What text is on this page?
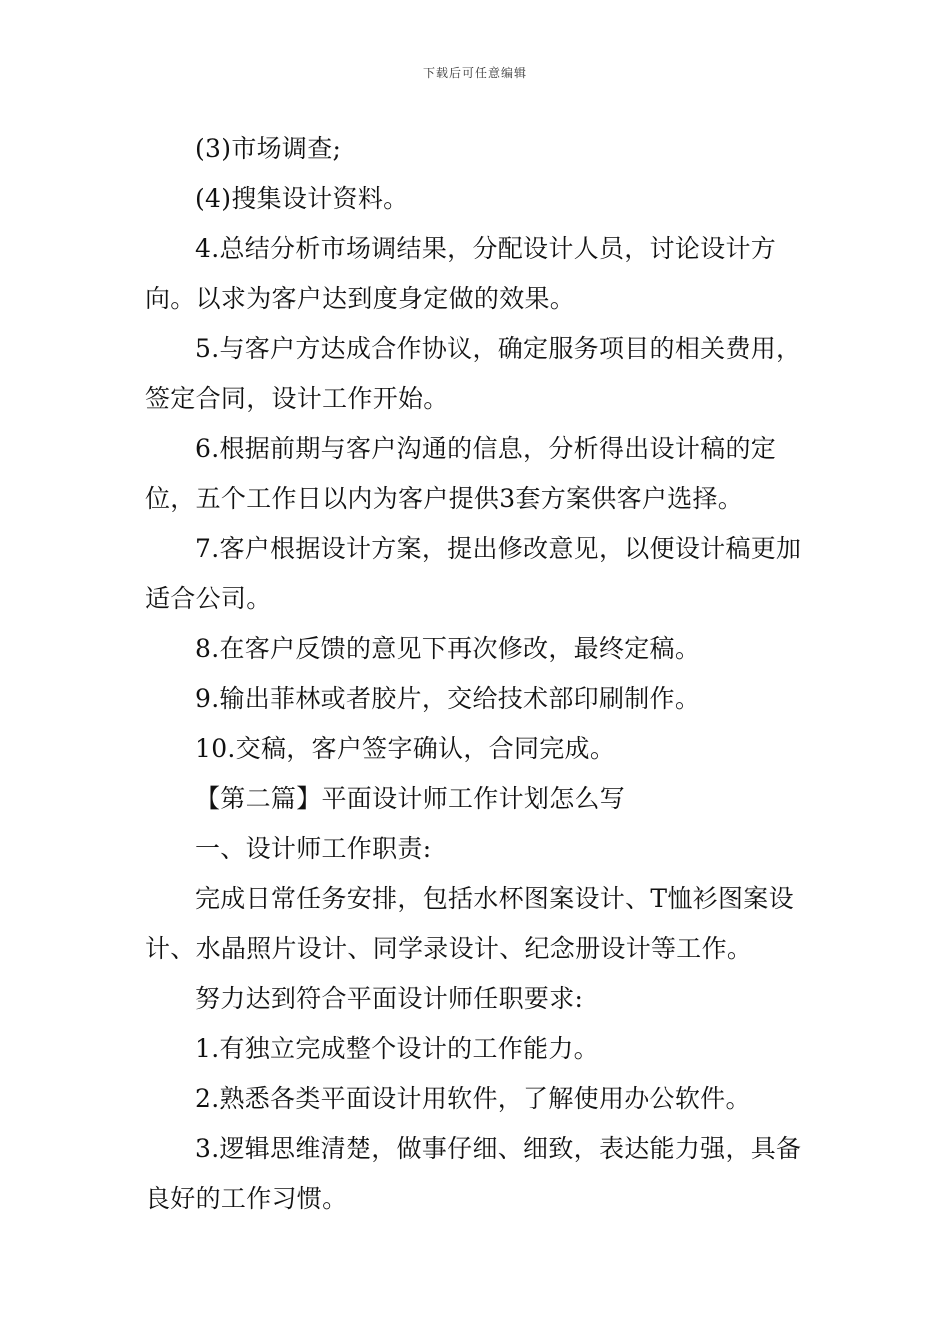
下载后可任意编辑

(3)市场调查;

(4)搜集设计资料。

4.总结分析市场调结果，分配设计人员，讨论设计方向。以求为客户达到度身定做的效果。

5.与客户方达成合作协议，确定服务项目的相关费用，签定合同，设计工作开始。

6.根据前期与客户沟通的信息，分析得出设计稿的定位，五个工作日以内为客户提供3套方案供客户选择。

7.客户根据设计方案，提出修改意见，以便设计稿更加适合公司。

8.在客户反馈的意见下再次修改，最终定稿。

9.输出菲林或者胶片，交给技术部印刷制作。

10.交稿，客户签字确认，合同完成。

【第二篇】平面设计师工作计划怎么写

一、设计师工作职责:

完成日常任务安排，包括水杯图案设计、T恤衫图案设计、水晶照片设计、同学录设计、纪念册设计等工作。

努力达到符合平面设计师任职要求:

1.有独立完成整个设计的工作能力。

2.熟悉各类平面设计用软件，了解使用办公软件。

3.逻辑思维清楚，做事仔细、细致，表达能力强，具备良好的工作习惯。
